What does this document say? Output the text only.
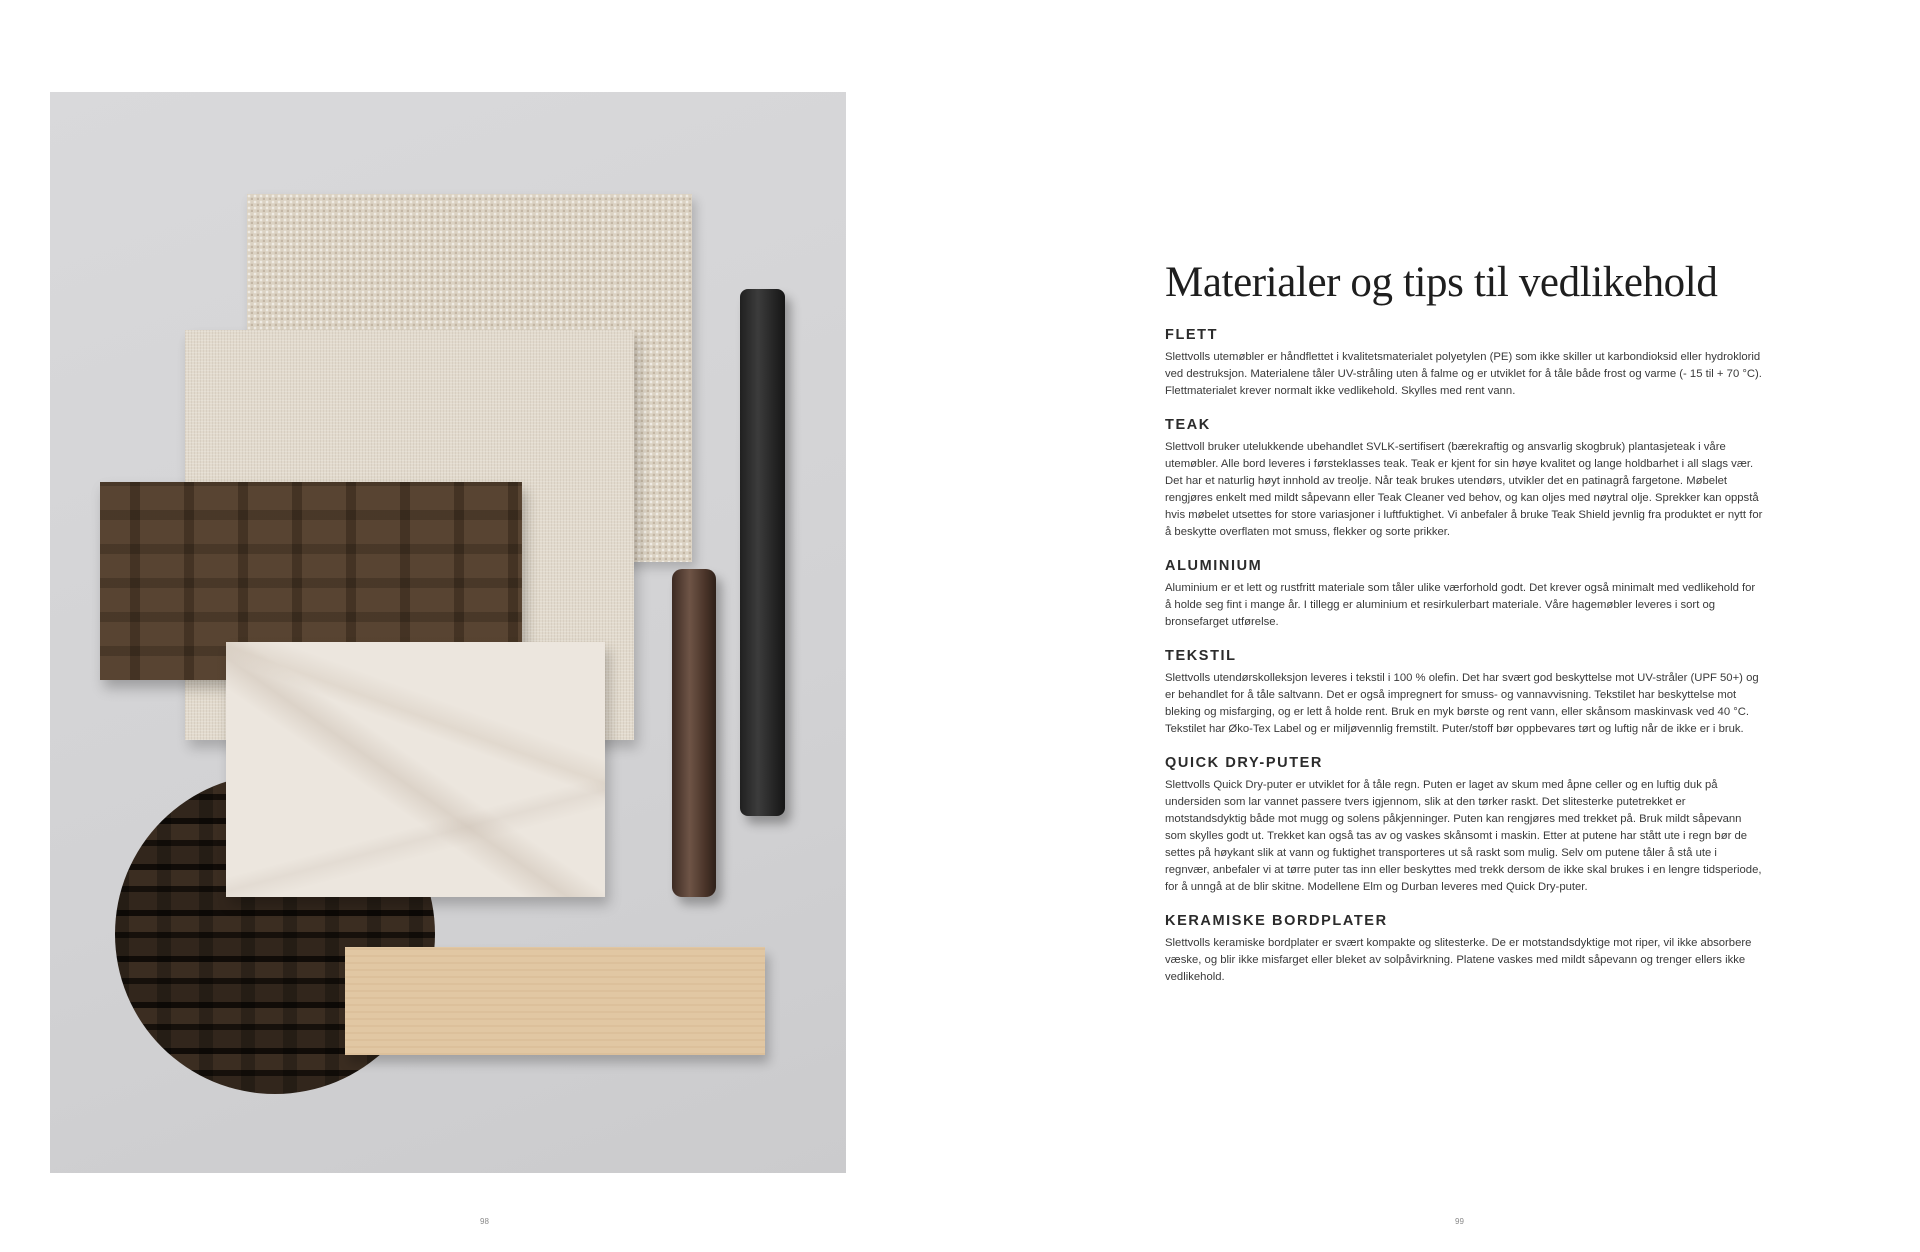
98
Materialer og tips til vedlikehold
FLETT

Slettvolls utemøbler er håndflettet i kvalitetsmaterialet polyetylen (PE) som ikke skiller ut karbondioksid eller hydroklorid ved destruksjon. Materialene tåler UV-stråling uten å falme og er utviklet for å tåle både frost og varme (- 15 til + 70 °C). Flettmaterialet krever normalt ikke vedlikehold. Skylles med rent vann.

TEAK

Slettvoll bruker utelukkende ubehandlet SVLK-sertifisert (bærekraftig og ansvarlig skogbruk) plantasjeteak i våre utemøbler. Alle bord leveres i førsteklasses teak. Teak er kjent for sin høye kvalitet og lange holdbarhet i all slags vær. Det har et naturlig høyt innhold av treolje. Når teak brukes utendørs, utvikler det en patinagrå fargetone. Møbelet rengjøres enkelt med mildt såpevann eller Teak Cleaner ved behov, og kan oljes med nøytral olje. Sprekker kan oppstå hvis møbelet utsettes for store variasjoner i luftfuktighet. Vi anbefaler å bruke Teak Shield jevnlig fra produktet er nytt for å beskytte overflaten mot smuss, flekker og sorte prikker.

ALUMINIUM

Aluminium er et lett og rustfritt materiale som tåler ulike værforhold godt. Det krever også minimalt med vedlikehold for å holde seg fint i mange år. I tillegg er aluminium et resirkulerbart materiale. Våre hagemøbler leveres i sort og bronsefarget utførelse.

TEKSTIL

Slettvolls utendørskolleksjon leveres i tekstil i 100 % olefin. Det har svært god beskyttelse mot UV-stråler (UPF 50+) og er behandlet for å tåle saltvann. Det er også impregnert for smuss- og vannavvisning. Tekstilet har beskyttelse mot bleking og misfarging, og er lett å holde rent. Bruk en myk børste og rent vann, eller skånsom maskinvask ved 40 °C. Tekstilet har Øko-Tex Label og er miljøvennlig fremstilt. Puter/stoff bør oppbevares tørt og luftig når de ikke er i bruk.

QUICK DRY-PUTER

Slettvolls Quick Dry-puter er utviklet for å tåle regn. Puten er laget av skum med åpne celler og en luftig duk på undersiden som lar vannet passere tvers igjennom, slik at den tørker raskt. Det slitesterke putetrekket er motstandsdyktig både mot mugg og solens påkjenninger. Puten kan rengjøres med trekket på. Bruk mildt såpevann som skylles godt ut. Trekket kan også tas av og vaskes skånsomt i maskin. Etter at putene har stått ute i regn bør de settes på høykant slik at vann og fuktighet transporteres ut så raskt som mulig. Selv om putene tåler å stå ute i regnvær, anbefaler vi at tørre puter tas inn eller beskyttes med trekk dersom de ikke skal brukes i en lengre tidsperiode, for å unngå at de blir skitne. Modellene Elm og Durban leveres med Quick Dry-puter.

KERAMISKE BORDPLATER

Slettvolls keramiske bordplater er svært kompakte og slitesterke. De er motstandsdyktige mot riper, vil ikke absorbere væske, og blir ikke misfarget eller bleket av solpåvirkning. Platene vaskes med mildt såpevann og trenger ellers ikke vedlikehold.

99
